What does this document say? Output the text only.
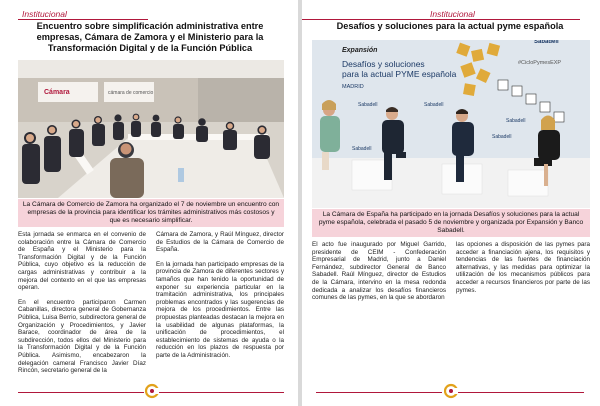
Institucional
Encuentro sobre simplificación administrativa entre empresas, Cámara de Zamora y el Ministerio para la Transformación Digital y de la Función Pública
Cámara	cámara de comercio
La Cámara de Comercio de Zamora ha organizado el 7 de noviembre un encuentro con empresas de la provincia para identificar los trámites administrativos más costosos y que es necesario simplificar.

Esta jornada se enmarca en el convenio de colaboración entre la Cámara de Comercio de España y el Ministerio para la Transformación Digital y de la Función Pública, cuyo objetivo es la reducción de cargas administrativas y contribuir a la mejora del contexto en el que las empresas operan.

En el encuentro participaron Carmen Cabanillas, directora general de Gobernanza Pública, Luisa Berrio, subdirectora general de Organización y Procedimientos, y Javier Barace, coordinador de área de la subdirección, todos ellos del Ministerio para la Transformación Digital y de la Función Pública. Asimismo, encabezaron la delegación cameral Francisco Javier Díaz Rincón, secretario general de la

Cámara de Zamora, y Raúl Mínguez, director de Estudios de la Cámara de Comercio de España.

En la jornada han participado empresas de la provincia de Zamora de diferentes sectores y tamaños que han tenido la oportunidad de exponer su experiencia particular en la tramitación administrativa, los principales problemas encontrados y las sugerencias de mejora de los procedimientos. Entre las propuestas planteadas destacan la mejora en la usabilidad de algunas plataformas, la unificación de procedimientos, el establecimiento de sistemas de ayuda o la reducción en los plazos de respuesta por parte de la Administración.

Institucional
Desafíos y soluciones para la actual pyme española
Expansión
Desafíos y soluciones
para la actual PYME española
MADRID
#CicloPymesEXP
Sabadell
Sabadell	Sabadell
Sabadell
Sabadell
Sabadell
La Cámara de España ha participado en la jornada Desafíos y soluciones para la actual pyme española, celebrada el pasado 5 de noviembre y organizada por Expansión y Banco Sabadell.

El acto fue inaugurado por Miguel Garrido, presidente de CEIM - Confederación Empresarial de Madrid, junto a Daniel Fernández, subdirector General de Banco Sabadell. Raúl Mínguez, director de Estudios de la Cámara, intervino en la mesa redonda dedicada a analizar los desafíos financieros comunes de las pymes, en la que se abordaron

las opciones a disposición de las pymes para acceder a financiación ajena, los requisitos y tendencias de las fuentes de financiación alternativas, y las medidas para optimizar la utilización de los mecanismos públicos para acceder a recursos financieros por parte de las pymes.
